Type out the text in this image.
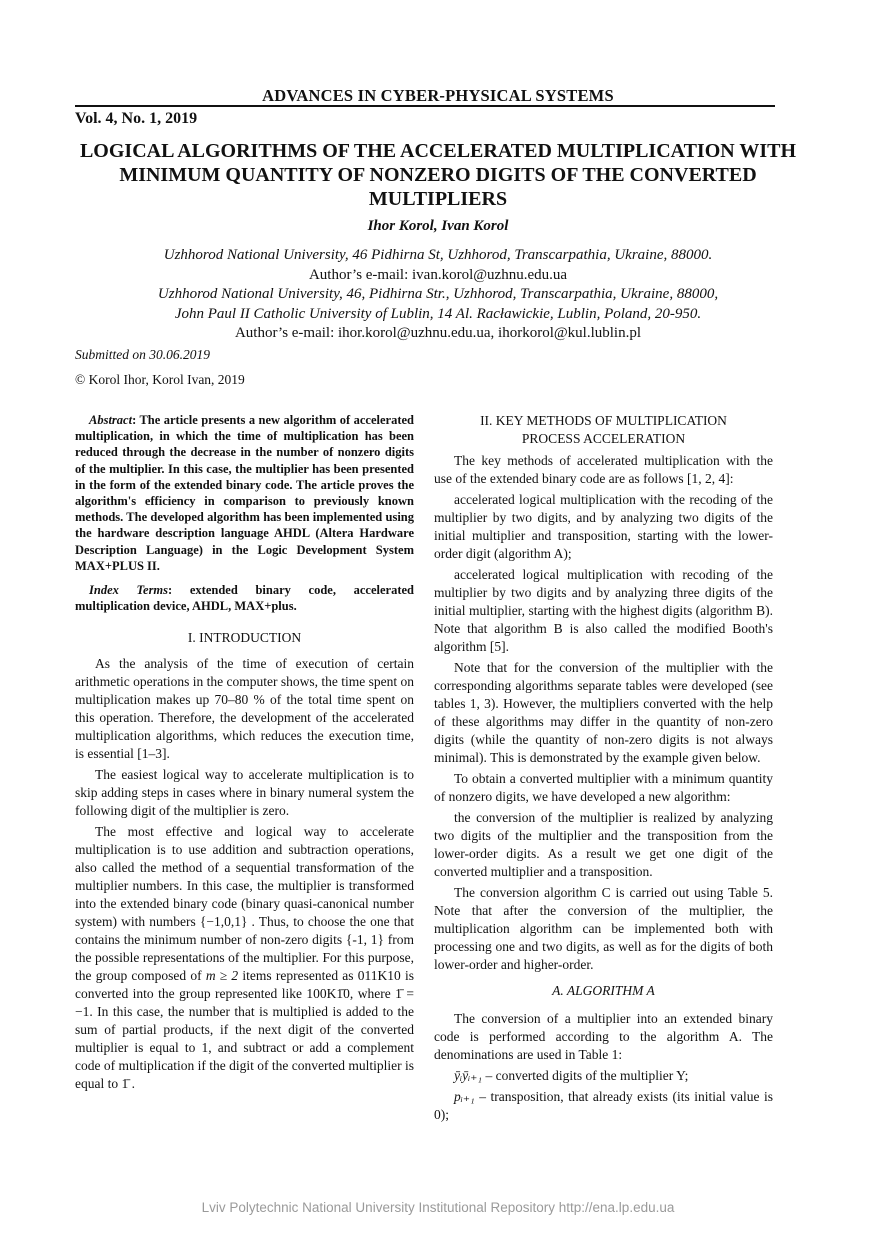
ADVANCES IN CYBER-PHYSICAL SYSTEMS
Vol. 4, No. 1, 2019
LOGICAL ALGORITHMS OF THE ACCELERATED MULTIPLICATION WITH MINIMUM QUANTITY OF NONZERO DIGITS OF THE CONVERTED MULTIPLIERS
Ihor Korol, Ivan Korol
Uzhhorod National University, 46 Pidhirna St, Uzhhorod, Transcarpathia, Ukraine, 88000.
Author’s e-mail: ivan.korol@uzhnu.edu.ua
Uzhhorod National University, 46, Pidhirna Str., Uzhhorod, Transcarpathia, Ukraine, 88000,
John Paul II Catholic University of Lublin, 14 Al. Racławickie, Lublin, Poland, 20-950.
Author’s e-mail: ihor.korol@uzhnu.edu.ua, ihorkorol@kul.lublin.pl
Submitted on 30.06.2019
© Korol Ihor, Korol Ivan, 2019
Abstract: The article presents a new algorithm of accelerated multiplication, in which the time of multiplication has been reduced through the decrease in the number of nonzero digits of the multiplier. In this case, the multiplier has been presented in the form of the extended binary code. The article proves the algorithm's efficiency in comparison to previously known methods. The developed algorithm has been implemented using the hardware description language AHDL (Altera Hardware Description Language) in the Logic Development System MAX+PLUS II.
Index Terms: extended binary code, accelerated multiplication device, AHDL, MAX+plus.
I. INTRODUCTION

As the analysis of the time of execution of certain arithmetic operations in the computer shows, the time spent on multiplication makes up 70–80 % of the total time spent on this operation. Therefore, the development of the accelerated multiplication algorithms, which reduces the execution time, is essential [1–3].

The easiest logical way to accelerate multiplication is to skip adding steps in cases where in binary numeral system the following digit of the multiplier is zero.

The most effective and logical way to accelerate multiplication is to use addition and subtraction operations, also called the method of a sequential transformation of the multiplier numbers. In this case, the multiplier is transformed into the extended binary code (binary quasi-canonical number system) with numbers {−1,0,1} . Thus, to choose the one that contains the minimum number of non-zero digits {-1, 1} from the possible representations of the multiplier. For this purpose, the group composed of m ≥ 2 items represented as 011K10 is converted into the group represented like 100K1̄0, where 1̄ = −1. In this case, the number that is multiplied is added to the sum of partial products, if the next digit of the converted multiplier is equal to 1, and subtract or add a complement code of multiplication if the digit of the converted multiplier is equal to 1̄ .

II. KEY METHODS OF MULTIPLICATION
PROCESS ACCELERATION

The key methods of accelerated multiplication with the use of the extended binary code are as follows [1, 2, 4]:

accelerated logical multiplication with the recoding of the multiplier by two digits, and by analyzing two digits of the initial multiplier and transposition, starting with the lower-order digit (algorithm A);

accelerated logical multiplication with recoding of the multiplier by two digits and by analyzing three digits of the initial multiplier, starting with the highest digits (algorithm B). Note that algorithm B is also called the modified Booth's algorithm [5].

Note that for the conversion of the multiplier with the corresponding algorithms separate tables were developed (see tables 1, 3). However, the multipliers converted with the help of these algorithms may differ in the quantity of non-zero digits (while the quantity of non-zero digits is not always minimal). This is demonstrated by the example given below.

To obtain a converted multiplier with a minimum quantity of nonzero digits, we have developed a new algorithm:

the conversion of the multiplier is realized by analyzing two digits of the multiplier and the transposition from the lower-order digits. As a result we get one digit of the converted multiplier and a transposition.

The conversion algorithm C is carried out using Table 5. Note that after the conversion of the multiplier, the multiplication algorithm can be implemented both with processing one and two digits, as well as for the digits of both lower-order and higher-order.

A. ALGORITHM A

The conversion of a multiplier into an extended binary code is performed according to the algorithm A. The denominations are used in Table 1:

ȳᵢȳᵢ₊₁ – converted digits of the multiplier Y;

pᵢ₊₁ – transposition, that already exists (its initial value is 0);

Lviv Polytechnic National University Institutional Repository http://ena.lp.edu.ua
